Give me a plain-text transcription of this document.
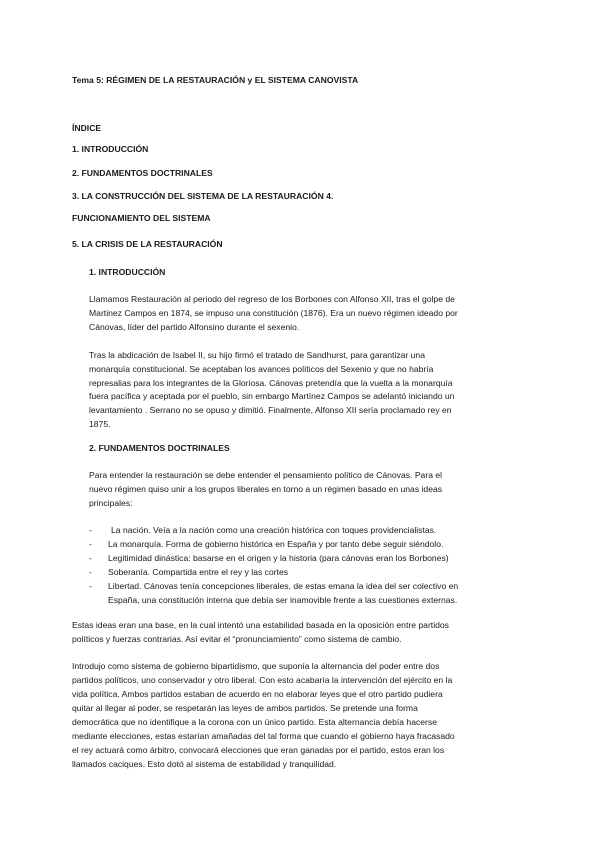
Tema 5: RÉGIMEN DE LA RESTAURACIÓN y EL SISTEMA CANOVISTA
ÍNDICE
1. INTRODUCCIÓN
2. FUNDAMENTOS DOCTRINALES
3. LA CONSTRUCCIÓN DEL SISTEMA DE LA RESTAURACIÓN 4.
FUNCIONAMIENTO DEL SISTEMA
5. LA CRISIS DE LA RESTAURACIÓN
1. INTRODUCCIÓN
Llamamos Restauración al periodo del regreso de los Borbones con Alfonso XII, tras el golpe de
Martinez Campos en 1874, se impuso una constitución (1876). Era un nuevo régimen ideado por
Cánovas, líder del partido Alfonsino durante el sexenio.
Tras la abdicación de Isabel II, su hijo firmó el tratado de Sandhurst, para garantizar una
monarquía constitucional. Se aceptaban los avances políticos del Sexenio y que no habría
represalias para los integrantes de la Gloriosa. Cánovas pretendía que la vuelta a la monarquía
fuera pacífica y aceptada por el pueblo, sin embargo Martínez Campos se adelantó iniciando un
levantamiento . Serrano no se opuso y dimitió. Finalmente, Alfonso XII sería proclamado rey en
1875.
2. FUNDAMENTOS DOCTRINALES
Para entender la restauración se debe entender el pensamiento político de Cánovas. Para el
nuevo régimen quiso unir a los grupos liberales en torno a un régimen basado en unas ideas
principales:
- La nación. Veía a la nación como una creación histórica con toques providencialistas.
- La monarquía. Forma de gobierno histórica en España y por tanto debe seguir siéndolo.
- Legitimidad dinástica: basarse en el origen y la historia (para cánovas eran los Borbones)
- Soberanía. Compartida entre el rey y las cortes
- Libertad. Cánovas tenía concepciones liberales, de estas emana la idea del ser colectivo en
España, una constitución interna que debía ser inamovible frente a las cuestiones externas.
Estas ideas eran una base, en la cual intentó una estabilidad basada en la oposición entre partidos
políticos y fuerzas contrarias. Así evitar el “pronunciamiento” como sistema de cambio.
Introdujo como sistema de gobierno bipartidismo, que suponía la alternancia del poder entre dos
partidos políticos, uno conservador y otro liberal. Con esto acabaría la intervención del ejército en la
vida política. Ambos partidos estaban de acuerdo en no elaborar leyes que el otro partido pudiera
quitar al llegar al poder, se respetarán las leyes de ambos partidos. Se pretende una forma
democrática que no identifique a la corona con un único partido. Esta alternancia debía hacerse
mediante elecciones, estas estarían amañadas del tal forma que cuando el gobierno haya fracasado
el rey actuará como árbitro, convocará elecciones que eran ganadas por el partido, estos eran los
llamados caciques. Esto dotó al sistema de estabilidad y tranquilidad.
